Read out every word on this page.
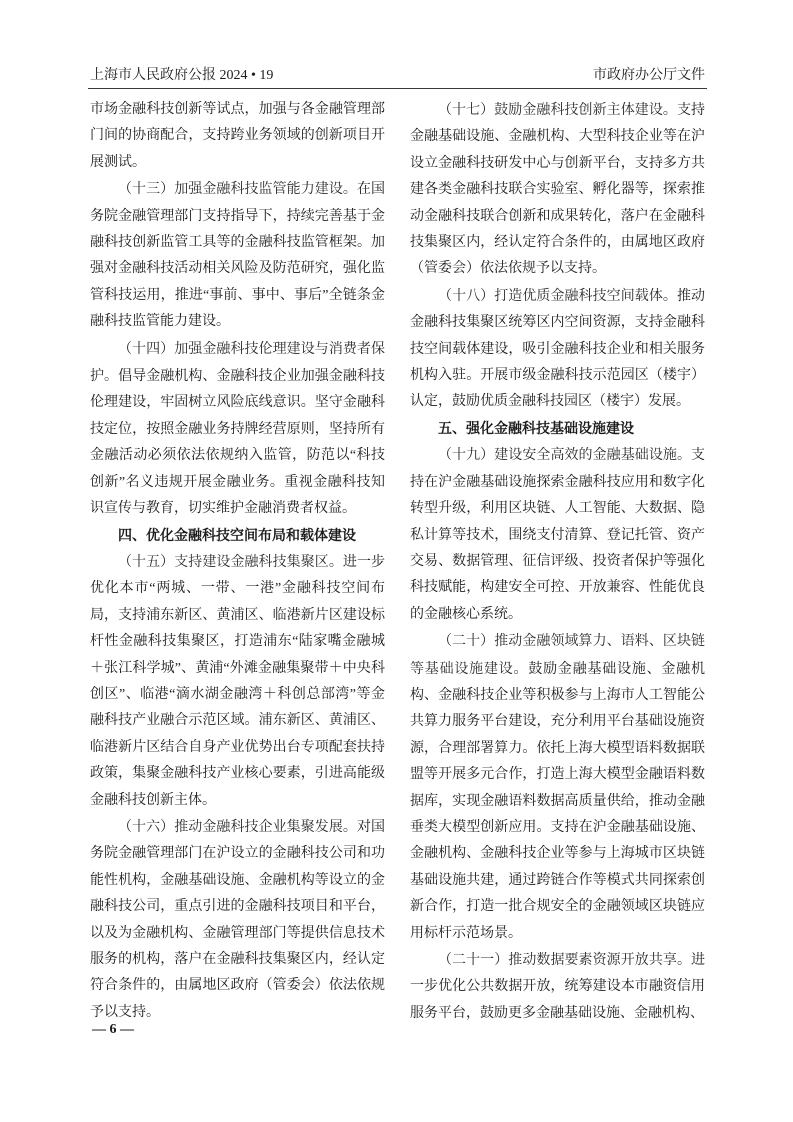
上海市人民政府公报 2024 • 19	市政府办公厅文件

市场金融科技创新等试点，加强与各金融管理部门间的协商配合，支持跨业务领域的创新项目开展测试。

（十三）加强金融科技监管能力建设。在国务院金融管理部门支持指导下，持续完善基于金融科技创新监管工具等的金融科技监管框架。加强对金融科技活动相关风险及防范研究，强化监管科技运用，推进“事前、事中、事后”全链条金融科技监管能力建设。

（十四）加强金融科技伦理建设与消费者保护。倡导金融机构、金融科技企业加强金融科技伦理建设，牢固树立风险底线意识。坚守金融科技定位，按照金融业务持牌经营原则，坚持所有金融活动必须依法依规纳入监管，防范以“科技创新”名义违规开展金融业务。重视金融科技知识宣传与教育，切实维护金融消费者权益。

四、优化金融科技空间布局和载体建设

（十五）支持建设金融科技集聚区。进一步优化本市“两城、一带、一港”金融科技空间布局，支持浦东新区、黄浦区、临港新片区建设标杆性金融科技集聚区，打造浦东“陆家嘴金融城＋张江科学城”、黄浦“外滩金融集聚带＋中央科创区”、临港“滴水湖金融湾＋科创总部湾”等金融科技产业融合示范区域。浦东新区、黄浦区、临港新片区结合自身产业优势出台专项配套扶持政策，集聚金融科技产业核心要素，引进高能级金融科技创新主体。

（十六）推动金融科技企业集聚发展。对国务院金融管理部门在沪设立的金融科技公司和功能性机构，金融基础设施、金融机构等设立的金融科技公司，重点引进的金融科技项目和平台，以及为金融机构、金融管理部门等提供信息技术服务的机构，落户在金融科技集聚区内，经认定符合条件的，由属地区政府（管委会）依法依规予以支持。

（十七）鼓励金融科技创新主体建设。支持金融基础设施、金融机构、大型科技企业等在沪设立金融科技研发中心与创新平台，支持多方共建各类金融科技联合实验室、孵化器等，探索推动金融科技联合创新和成果转化，落户在金融科技集聚区内，经认定符合条件的，由属地区政府（管委会）依法依规予以支持。

（十八）打造优质金融科技空间载体。推动金融科技集聚区统筹区内空间资源，支持金融科技空间载体建设，吸引金融科技企业和相关服务机构入驻。开展市级金融科技示范园区（楼宇）认定，鼓励优质金融科技园区（楼宇）发展。

五、强化金融科技基础设施建设

（十九）建设安全高效的金融基础设施。支持在沪金融基础设施探索金融科技应用和数字化转型升级，利用区块链、人工智能、大数据、隐私计算等技术，围绕支付清算、登记托管、资产交易、数据管理、征信评级、投资者保护等强化科技赋能，构建安全可控、开放兼容、性能优良的金融核心系统。

（二十）推动金融领域算力、语料、区块链等基础设施建设。鼓励金融基础设施、金融机构、金融科技企业等积极参与上海市人工智能公共算力服务平台建设，充分利用平台基础设施资源，合理部署算力。依托上海大模型语料数据联盟等开展多元合作，打造上海大模型金融语料数据库，实现金融语料数据高质量供给，推动金融垂类大模型创新应用。支持在沪金融基础设施、金融机构、金融科技企业等参与上海城市区块链基础设施共建，通过跨链合作等模式共同探索创新合作，打造一批合规安全的金融领域区块链应用标杆示范场景。

（二十一）推动数据要素资源开放共享。进一步优化公共数据开放，统筹建设本市融资信用服务平台，鼓励更多金融基础设施、金融机构、

— 6 —
